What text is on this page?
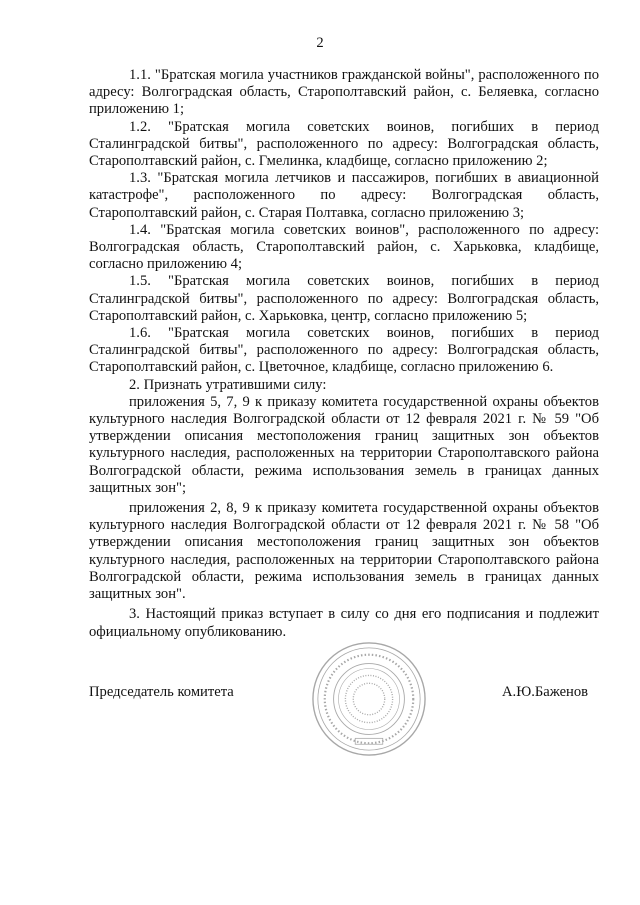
2

1.1. "Братская могила участников гражданской войны", расположенного по адресу: Волгоградская область, Старополтавский район, с. Беляевка, согласно приложению 1;

1.2. "Братская могила советских воинов, погибших в период Сталинградской битвы", расположенного по адресу: Волгоградская область, Старополтавский район, с. Гмелинка, кладбище, согласно приложению 2;

1.3. "Братская могила летчиков и пассажиров, погибших в авиационной катастрофе", расположенного по адресу: Волгоградская область, Старополтавский район, с. Старая Полтавка, согласно приложению 3;

1.4. "Братская могила советских воинов", расположенного по адресу: Волгоградская область, Старополтавский район, с. Харьковка, кладбище, согласно приложению 4;

1.5. "Братская могила советских воинов, погибших в период Сталинградской битвы", расположенного по адресу: Волгоградская область, Старополтавский район, с. Харьковка, центр, согласно приложению 5;

1.6. "Братская могила советских воинов, погибших в период Сталинградской битвы", расположенного по адресу: Волгоградская область, Старополтавский район, с. Цветочное, кладбище, согласно приложению 6.

2. Признать утратившими силу:

приложения 5, 7, 9 к приказу комитета государственной охраны объектов культурного наследия Волгоградской области от 12 февраля 2021 г. № 59 "Об утверждении описания местоположения границ защитных зон объектов культурного наследия, расположенных на территории Старополтавского района Волгоградской области, режима использования земель в границах данных защитных зон";

приложения 2, 8, 9 к приказу комитета государственной охраны объектов культурного наследия Волгоградской области от 12 февраля 2021 г. № 58 "Об утверждении описания местоположения границ защитных зон объектов культурного наследия, расположенных на территории Старополтавского района Волгоградской области, режима использования земель в границах данных защитных зон".

3. Настоящий приказ вступает в силу со дня его подписания и подлежит официальному опубликованию.

Председатель комитета	А.Ю.Баженов
